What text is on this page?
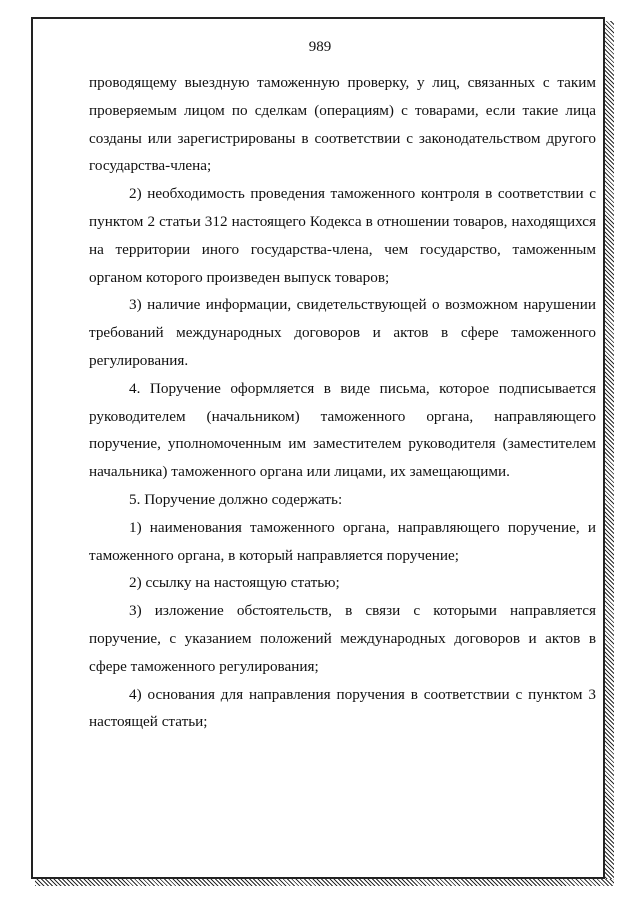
989

проводящему выездную таможенную проверку, у лиц, связанных с таким проверяемым лицом по сделкам (операциям) с товарами, если такие лица созданы или зарегистрированы в соответствии с законодательством другого государства-члена;

2) необходимость проведения таможенного контроля в соответствии с пунктом 2 статьи 312 настоящего Кодекса в отношении товаров, находящихся на территории иного государства-члена, чем государство, таможенным органом которого произведен выпуск товаров;

3) наличие информации, свидетельствующей о возможном нарушении требований международных договоров и актов в сфере таможенного регулирования.

4. Поручение оформляется в виде письма, которое подписывается руководителем (начальником) таможенного органа, направляющего поручение, уполномоченным им заместителем руководителя (заместителем начальника) таможенного органа или лицами, их замещающими.

5. Поручение должно содержать:

1) наименования таможенного органа, направляющего поручение, и таможенного органа, в который направляется поручение;

2) ссылку на настоящую статью;

3) изложение обстоятельств, в связи с которыми направляется поручение, с указанием положений международных договоров и актов в сфере таможенного регулирования;

4) основания для направления поручения в соответствии с пунктом 3 настоящей статьи;
